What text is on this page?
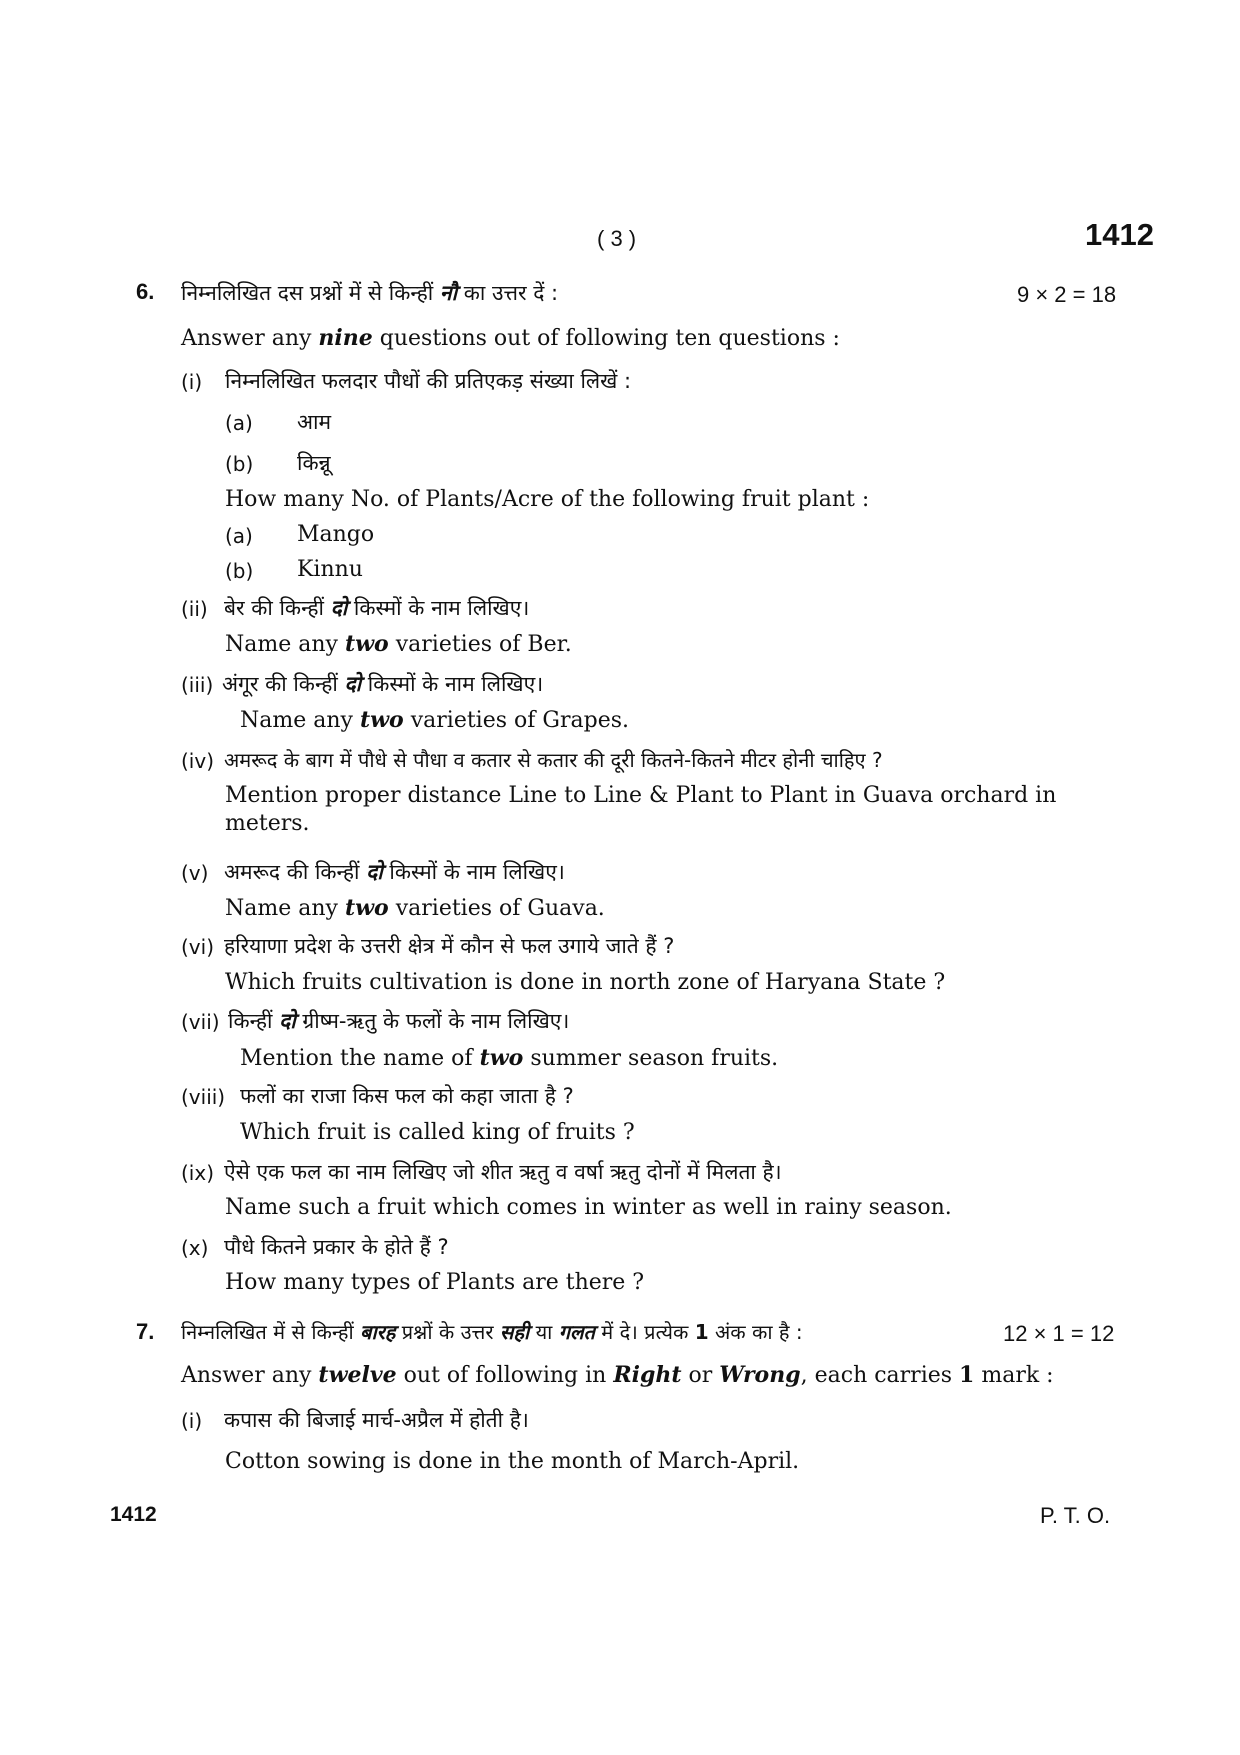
( 3 )	1412
6. निम्नलिखित दस प्रश्नों में से किन्हीं नौ का उत्तर दें :	9 × 2 = 18
Answer any nine questions out of following ten questions :
(i) निम्नलिखित फलदार पौधों की प्रतिएकड़ संख्या लिखें :
(a) आम
(b) किन्नू
How many No. of Plants/Acre of the following fruit plant :
(a) Mango
(b) Kinnu
(ii) बेर की किन्हीं दो किस्मों के नाम लिखिए।
Name any two varieties of Ber.
(iii) अंगूर की किन्हीं दो किस्मों के नाम लिखिए।
Name any two varieties of Grapes.
(iv) अमरूद के बाग में पौधे से पौधा व कतार से कतार की दूरी कितने-कितने मीटर होनी चाहिए ?
Mention proper distance Line to Line & Plant to Plant in Guava orchard in
meters.
(v) अमरूद की किन्हीं दो किस्मों के नाम लिखिए।
Name any two varieties of Guava.
(vi) हरियाणा प्रदेश के उत्तरी क्षेत्र में कौन से फल उगाये जाते हैं ?
Which fruits cultivation is done in north zone of Haryana State ?
(vii) किन्हीं दो ग्रीष्म-ऋतु के फलों के नाम लिखिए।
Mention the name of two summer season fruits.
(viii) फलों का राजा किस फल को कहा जाता है ?
Which fruit is called king of fruits ?
(ix) ऐसे एक फल का नाम लिखिए जो शीत ऋतु व वर्षा ऋतु दोनों में मिलता है।
Name such a fruit which comes in winter as well in rainy season.
(x) पौधे कितने प्रकार के होते हैं ?
How many types of Plants are there ?
7. निम्नलिखित में से किन्हीं बारह प्रश्नों के उत्तर सही या गलत में दे। प्रत्येक 1 अंक का है :	12 × 1 = 12
Answer any twelve out of following in Right or Wrong, each carries 1 mark :
(i) कपास की बिजाई मार्च-अप्रैल में होती है।
Cotton sowing is done in the month of March-April.
1412	P. T. O.
